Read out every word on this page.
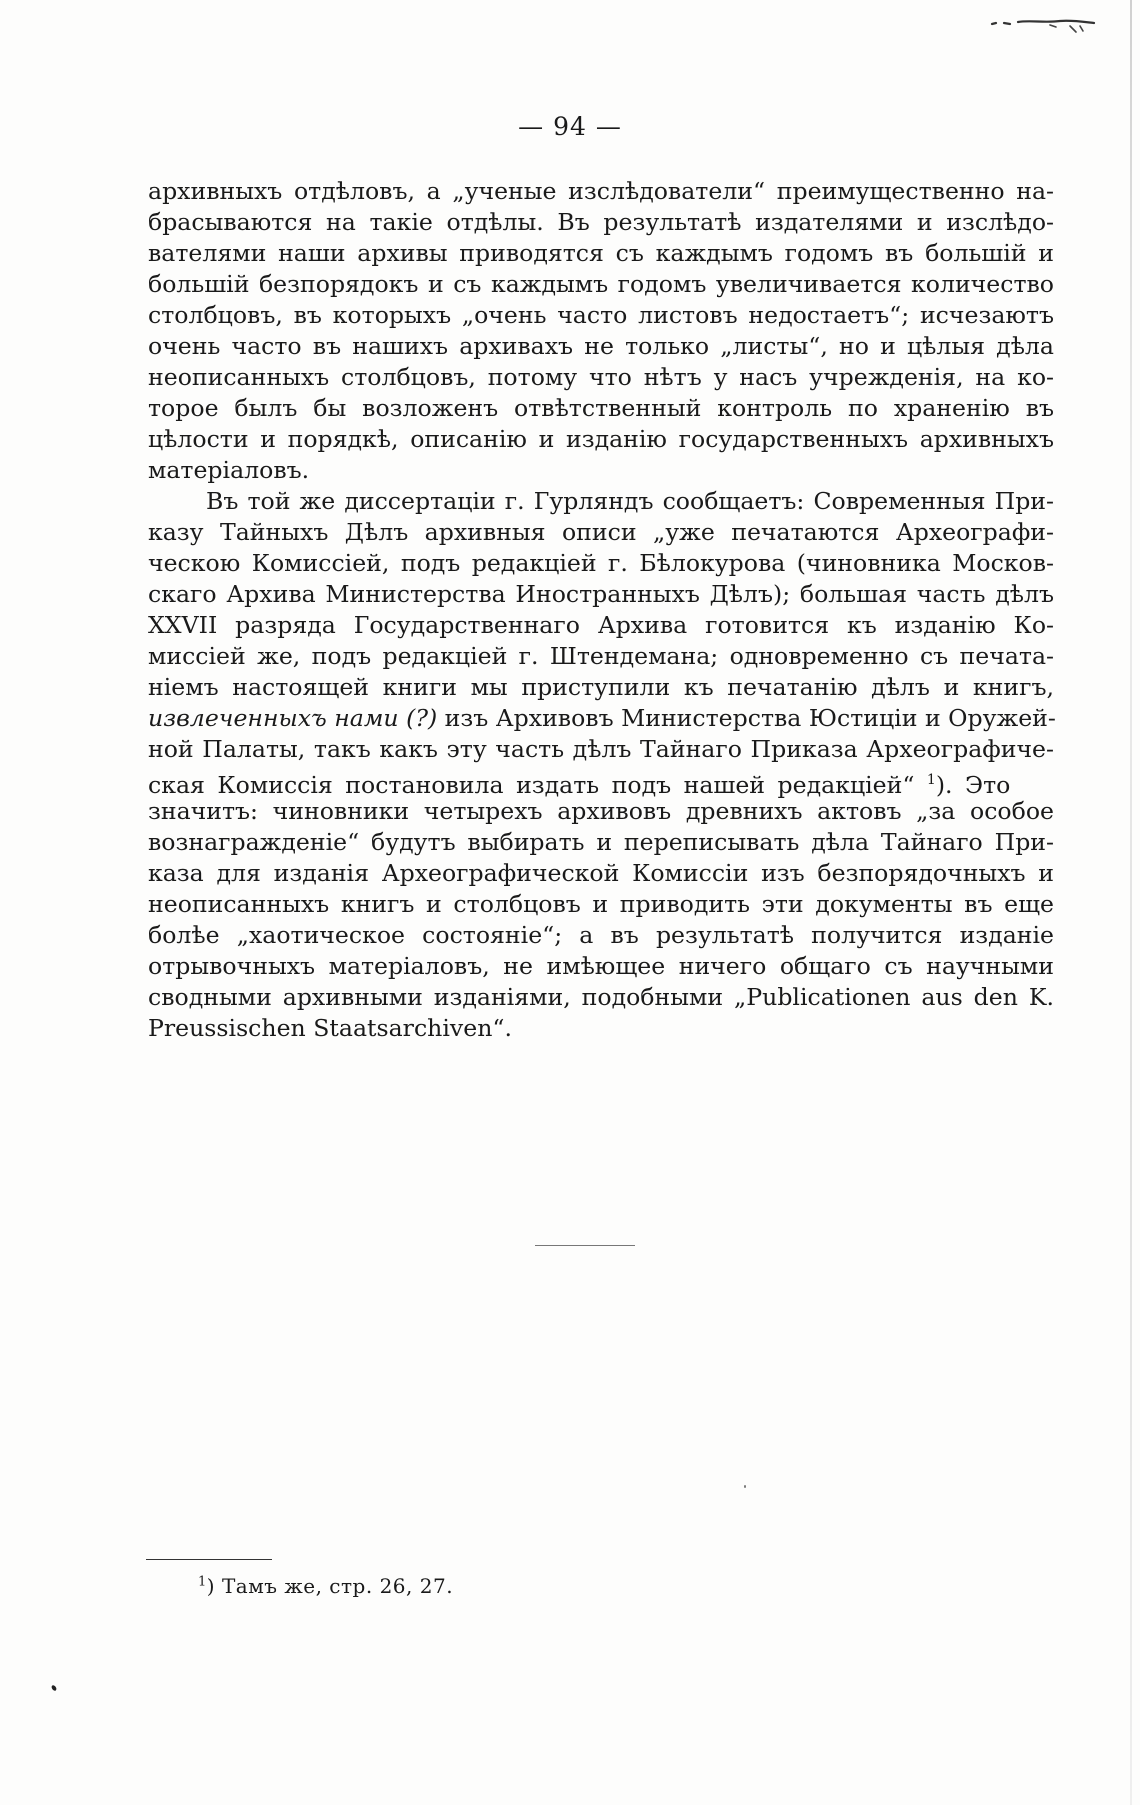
— 94 —
архивныхъ отдѣловъ, а „ученые изслѣдователи“ преимущественно на-
брасываются на такіе отдѣлы. Въ результатѣ издателями и изслѣдо-
вателями наши архивы приводятся съ каждымъ годомъ въ большій и
большій безпорядокъ и съ каждымъ годомъ увеличивается количество
столбцовъ, въ которыхъ „очень часто листовъ недостаетъ“; исчезаютъ
очень часто въ нашихъ архивахъ не только „листы“, но и цѣлыя дѣла
неописанныхъ столбцовъ, потому что нѣтъ у насъ учрежденія, на ко-
торое былъ бы возложенъ отвѣтственный контроль по храненію въ
цѣлости и порядкѣ, описанію и изданію государственныхъ архивныхъ
матеріаловъ.
Въ той же диссертаціи г. Гурляндъ сообщаетъ: Современныя При-
казу Тайныхъ Дѣлъ архивныя описи „уже печатаются Археографи-
ческою Комиссіей, подъ редакціей г. Бѣлокурова (чиновника Москов-
скаго Архива Министерства Иностранныхъ Дѣлъ); большая часть дѣлъ
XXVII разряда Государственнаго Архива готовится къ изданію Ко-
миссіей же, подъ редакціей г. Штендемана; одновременно съ печата-
ніемъ настоящей книги мы приступили къ печатанію дѣлъ и книгъ,
извлеченныхъ нами (?) изъ Архивовъ Министерства Юстиціи и Оружей-
ной Палаты, такъ какъ эту часть дѣлъ Тайнаго Приказа Археографиче-
ская Комиссія постановила издать подъ нашей редакціей“ $^1$). Это
значитъ: чиновники четырехъ архивовъ древнихъ актовъ „за особое
вознагражденіе“ будутъ выбирать и переписывать дѣла Тайнаго При-
каза для изданія Археографической Комиссіи изъ безпорядочныхъ и
неописанныхъ книгъ и столбцовъ и приводить эти документы въ еще
болѣе „хаотическое состояніе“; а въ результатѣ получится изданіе
отрывочныхъ матеріаловъ, не имѣющее ничего общаго съ научными
сводными архивными изданіями, подобными „Publicationen aus den K.
Preussischen Staatsarchiven“.
$^1$) Тамъ же, стр. 26, 27.
